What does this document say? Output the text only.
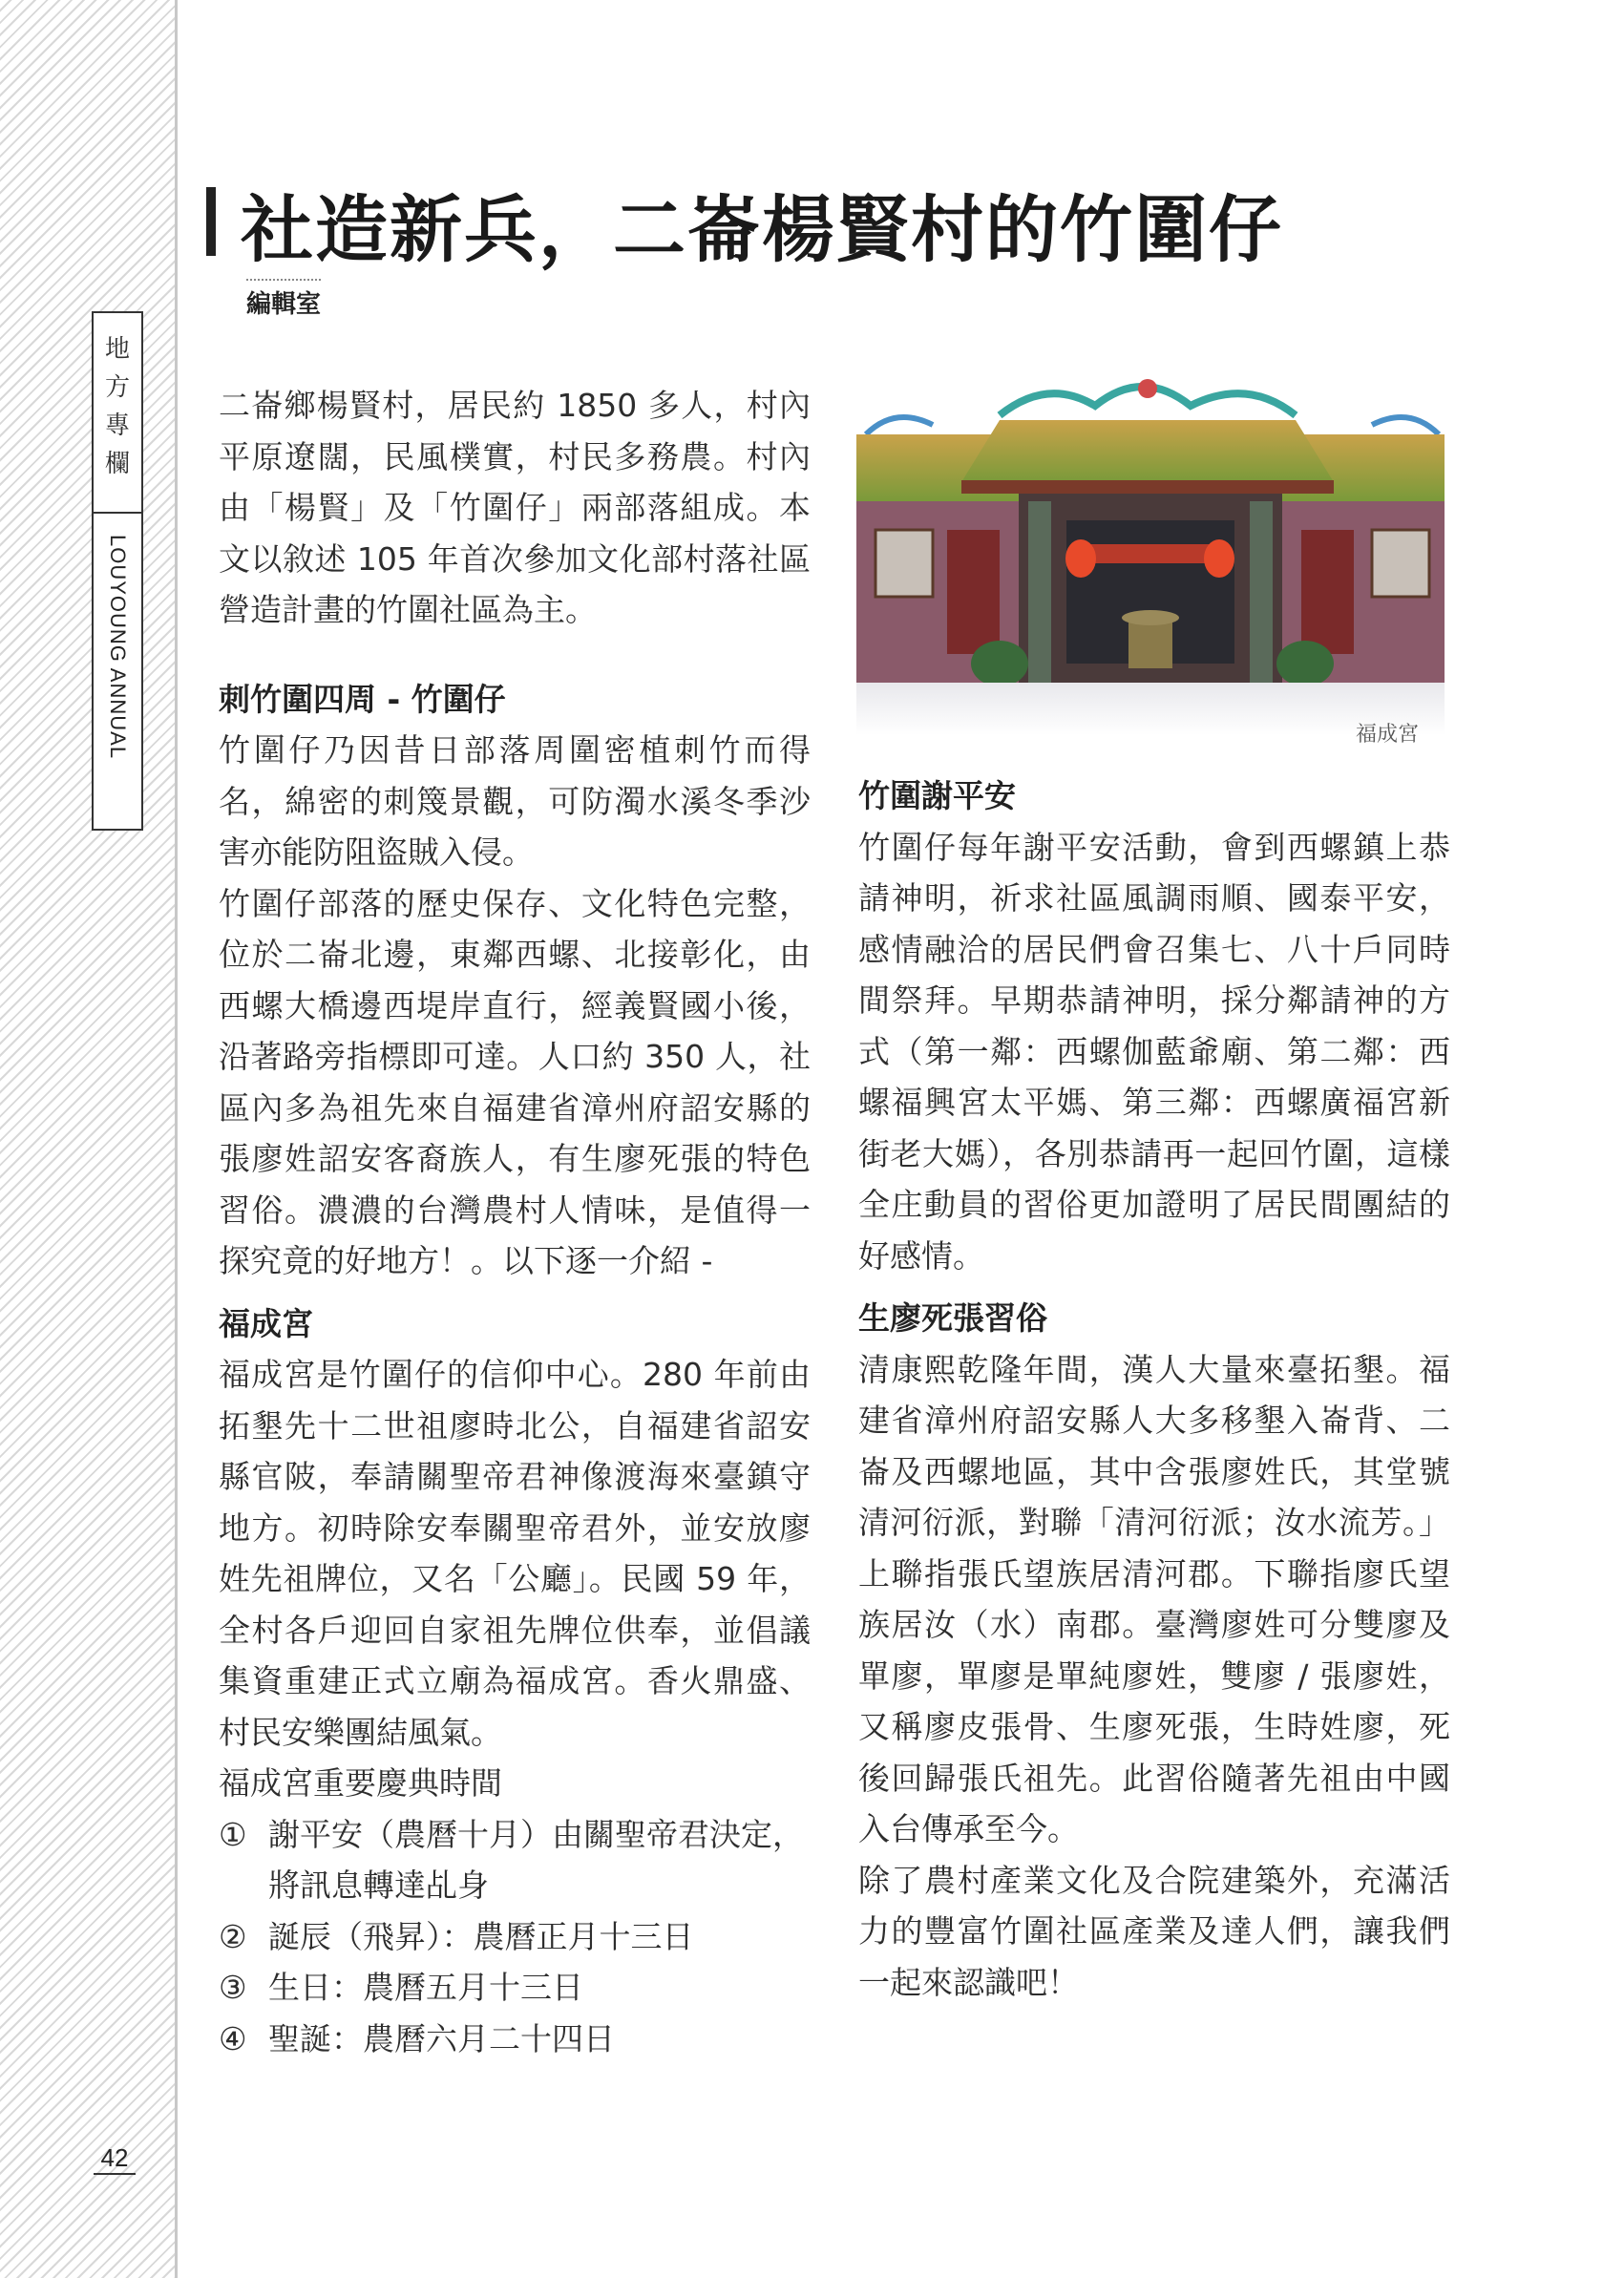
地方專欄
LOUYOUNG ANNUAL
42
社造新兵，二崙楊賢村的竹圍仔
編輯室

二崙鄉楊賢村，居民約 1850 多人，村內平原遼闊，民風樸實，村民多務農。村內由「楊賢」及「竹圍仔」兩部落組成。本文以敘述 105 年首次參加文化部村落社區營造計畫的竹圍社區為主。

刺竹圍四周 - 竹圍仔

竹圍仔乃因昔日部落周圍密植刺竹而得名，綿密的刺篾景觀，可防濁水溪冬季沙害亦能防阻盜賊入侵。

竹圍仔部落的歷史保存、文化特色完整，位於二崙北邊，東鄰西螺、北接彰化，由西螺大橋邊西堤岸直行，經義賢國小後，沿著路旁指標即可達。人口約 350 人，社區內多為祖先來自福建省漳州府詔安縣的張廖姓詔安客裔族人，有生廖死張的特色習俗。濃濃的台灣農村人情味，是值得一探究竟的好地方！。以下逐一介紹 -

福成宮

福成宮是竹圍仔的信仰中心。280 年前由拓墾先十二世祖廖時北公，自福建省詔安縣官陂，奉請關聖帝君神像渡海來臺鎮守地方。初時除安奉關聖帝君外，並安放廖姓先祖牌位，又名「公廳」。民國 59 年，全村各戶迎回自家祖先牌位供奉，並倡議集資重建正式立廟為福成宮。香火鼎盛、村民安樂團結風氣。

福成宮重要慶典時間

① 謝平安（農曆十月）由關聖帝君決定，將訊息轉達乩身
② 誕辰（飛昇）：農曆正月十三日
③ 生日：農曆五月十三日
④ 聖誕：農曆六月二十四日
福成宮
竹圍謝平安

竹圍仔每年謝平安活動，會到西螺鎮上恭請神明，祈求社區風調雨順、國泰平安，感情融洽的居民們會召集七、八十戶同時間祭拜。早期恭請神明，採分鄰請神的方式（第一鄰：西螺伽藍爺廟、第二鄰：西螺福興宮太平媽、第三鄰：西螺廣福宮新街老大媽），各別恭請再一起回竹圍，這樣全庄動員的習俗更加證明了居民間團結的好感情。

生廖死張習俗

清康熙乾隆年間，漢人大量來臺拓墾。福建省漳州府詔安縣人大多移墾入崙背、二崙及西螺地區，其中含張廖姓氏，其堂號清河衍派，對聯「清河衍派；汝水流芳。」上聯指張氏望族居清河郡。下聯指廖氏望族居汝（水）南郡。臺灣廖姓可分雙廖及單廖，單廖是單純廖姓，雙廖 / 張廖姓，又稱廖皮張骨、生廖死張，生時姓廖，死後回歸張氏祖先。此習俗隨著先祖由中國入台傳承至今。

除了農村產業文化及合院建築外，充滿活力的豐富竹圍社區產業及達人們，讓我們一起來認識吧！
